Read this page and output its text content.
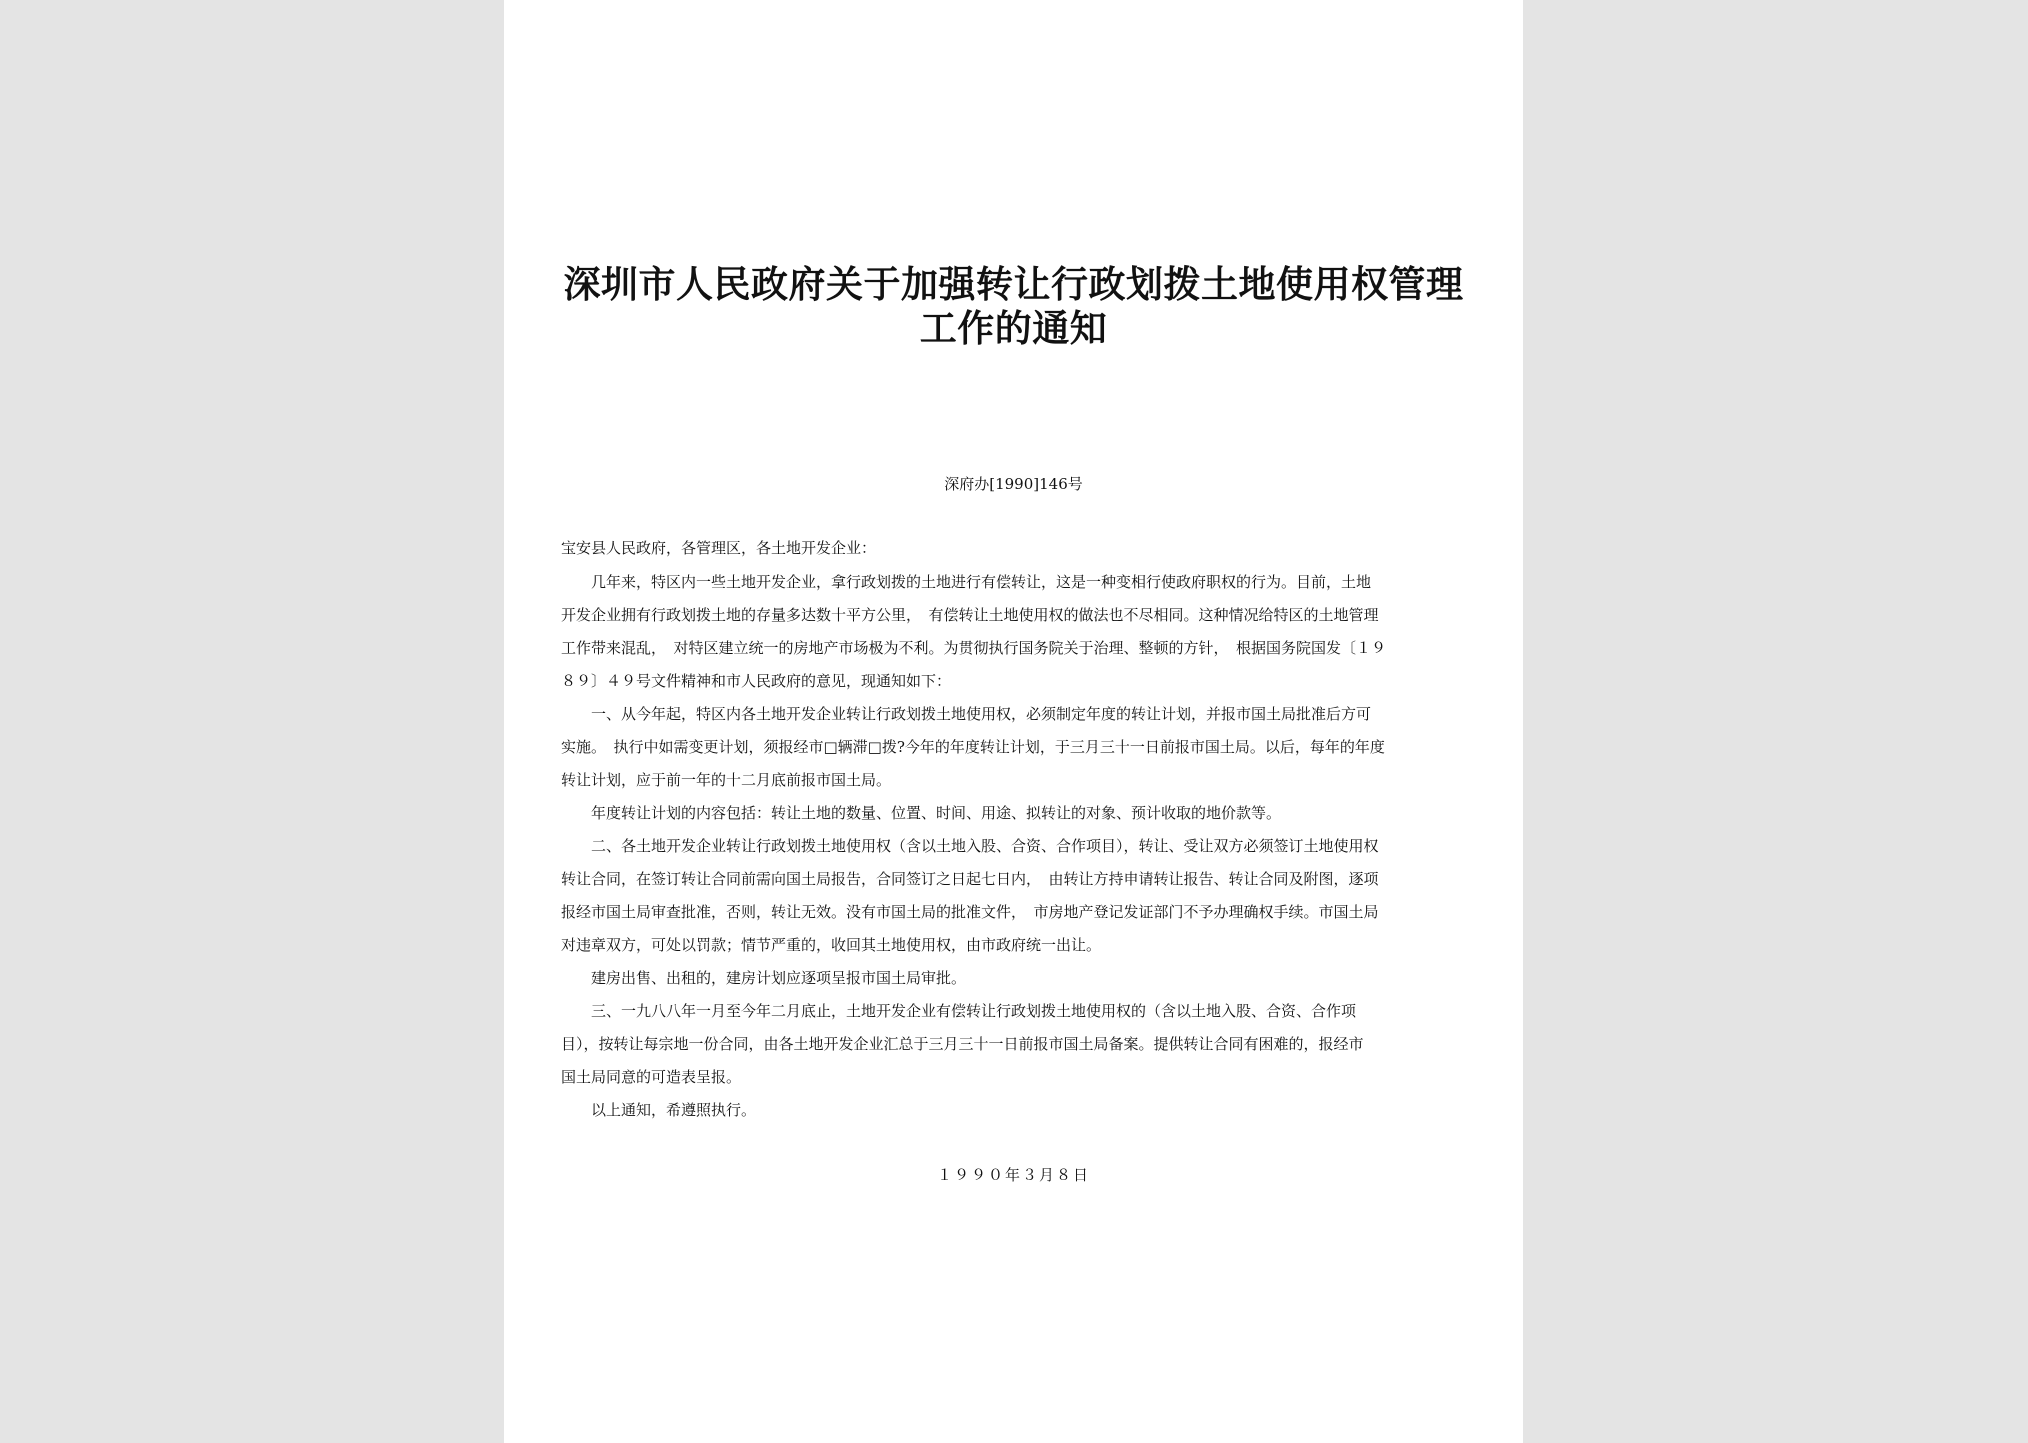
深圳市人民政府关于加强转让行政划拨土地使用权管理
工作的通知
深府办[1990]146号
宝安县人民政府，各管理区，各土地开发企业：
　　几年来，特区内一些土地开发企业，拿行政划拨的土地进行有偿转让，这是一种变相行使政府职权的行为。目前，土地
开发企业拥有行政划拨土地的存量多达数十平方公里，　有偿转让土地使用权的做法也不尽相同。这种情况给特区的土地管理
工作带来混乱，　对特区建立统一的房地产市场极为不利。为贯彻执行国务院关于治理、整顿的方针，　根据国务院国发〔１９
８９〕４９号文件精神和市人民政府的意见，现通知如下：
　　一、从今年起，特区内各土地开发企业转让行政划拨土地使用权，必须制定年度的转让计划，并报市国土局批准后方可
实施。　执行中如需变更计划，须报经市□辆滞□拨?今年的年度转让计划，于三月三十一日前报市国土局。以后，每年的年度
转让计划，应于前一年的十二月底前报市国土局。
　　年度转让计划的内容包括：转让土地的数量、位置、时间、用途、拟转让的对象、预计收取的地价款等。
　　二、各土地开发企业转让行政划拨土地使用权（含以土地入股、合资、合作项目），转让、受让双方必须签订土地使用权
转让合同，在签订转让合同前需向国土局报告，合同签订之日起七日内，　由转让方持申请转让报告、转让合同及附图，逐项
报经市国土局审查批准，否则，转让无效。没有市国土局的批准文件，　市房地产登记发证部门不予办理确权手续。市国土局
对违章双方，可处以罚款；情节严重的，收回其土地使用权，由市政府统一出让。
　　建房出售、出租的，建房计划应逐项呈报市国土局审批。
　　三、一九八八年一月至今年二月底止，土地开发企业有偿转让行政划拨土地使用权的（含以土地入股、合资、合作项
目），按转让每宗地一份合同，由各土地开发企业汇总于三月三十一日前报市国土局备案。提供转让合同有困难的，报经市
国土局同意的可造表呈报。
　　以上通知，希遵照执行。
１９９０年３月８日
